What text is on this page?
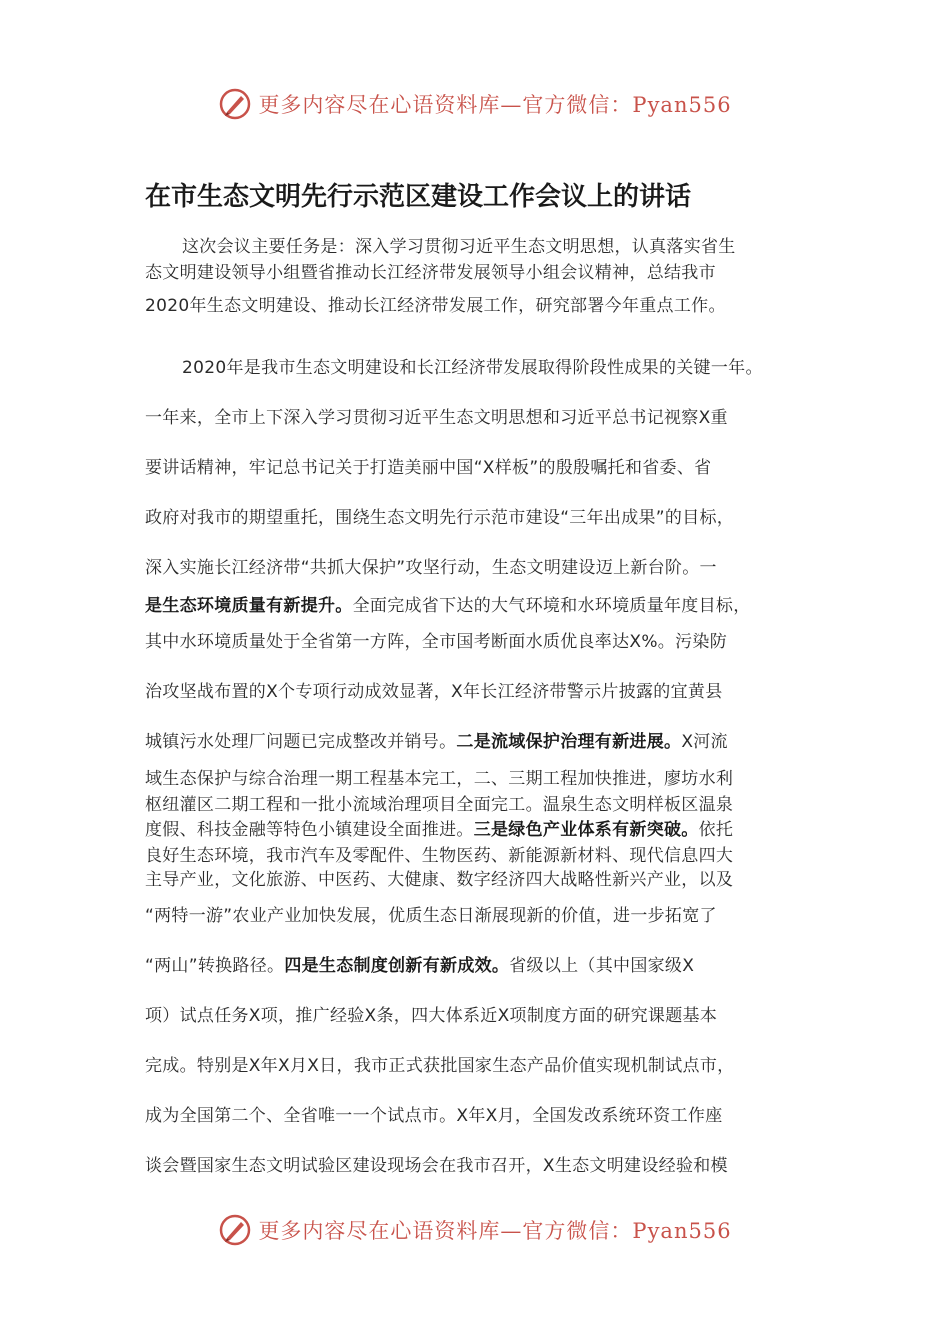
更多内容尽在心语资料库—官方微信：Pyan556
在市生态文明先行示范区建设工作会议上的讲话
这次会议主要任务是：深入学习贯彻习近平生态文明思想，认真落实省生
态文明建设领导小组暨省推动长江经济带发展领导小组会议精神，总结我市
2020年生态文明建设、推动长江经济带发展工作，研究部署今年重点工作。
2020年是我市生态文明建设和长江经济带发展取得阶段性成果的关键一年。
一年来，全市上下深入学习贯彻习近平生态文明思想和习近平总书记视察X重
要讲话精神，牢记总书记关于打造美丽中国“X样板”的殷殷嘱托和省委、省
政府对我市的期望重托，围绕生态文明先行示范市建设“三年出成果”的目标，
深入实施长江经济带“共抓大保护”攻坚行动，生态文明建设迈上新台阶。一
是生态环境质量有新提升。全面完成省下达的大气环境和水环境质量年度目标，
其中水环境质量处于全省第一方阵，全市国考断面水质优良率达X%。污染防
治攻坚战布置的X个专项行动成效显著，X年长江经济带警示片披露的宜黄县
城镇污水处理厂问题已完成整改并销号。二是流域保护治理有新进展。X河流
域生态保护与综合治理一期工程基本完工，二、三期工程加快推进，廖坊水利
枢纽灌区二期工程和一批小流域治理项目全面完工。温泉生态文明样板区温泉
度假、科技金融等特色小镇建设全面推进。三是绿色产业体系有新突破。依托
良好生态环境，我市汽车及零配件、生物医药、新能源新材料、现代信息四大
主导产业，文化旅游、中医药、大健康、数字经济四大战略性新兴产业，以及
“两特一游”农业产业加快发展，优质生态日渐展现新的价值，进一步拓宽了
“两山”转换路径。四是生态制度创新有新成效。省级以上（其中国家级X
项）试点任务X项，推广经验X条，四大体系近X项制度方面的研究课题基本
完成。特别是X年X月X日，我市正式获批国家生态产品价值实现机制试点市，
成为全国第二个、全省唯一一个试点市。X年X月，全国发改系统环资工作座
谈会暨国家生态文明试验区建设现场会在我市召开，X生态文明建设经验和模
更多内容尽在心语资料库—官方微信：Pyan556
